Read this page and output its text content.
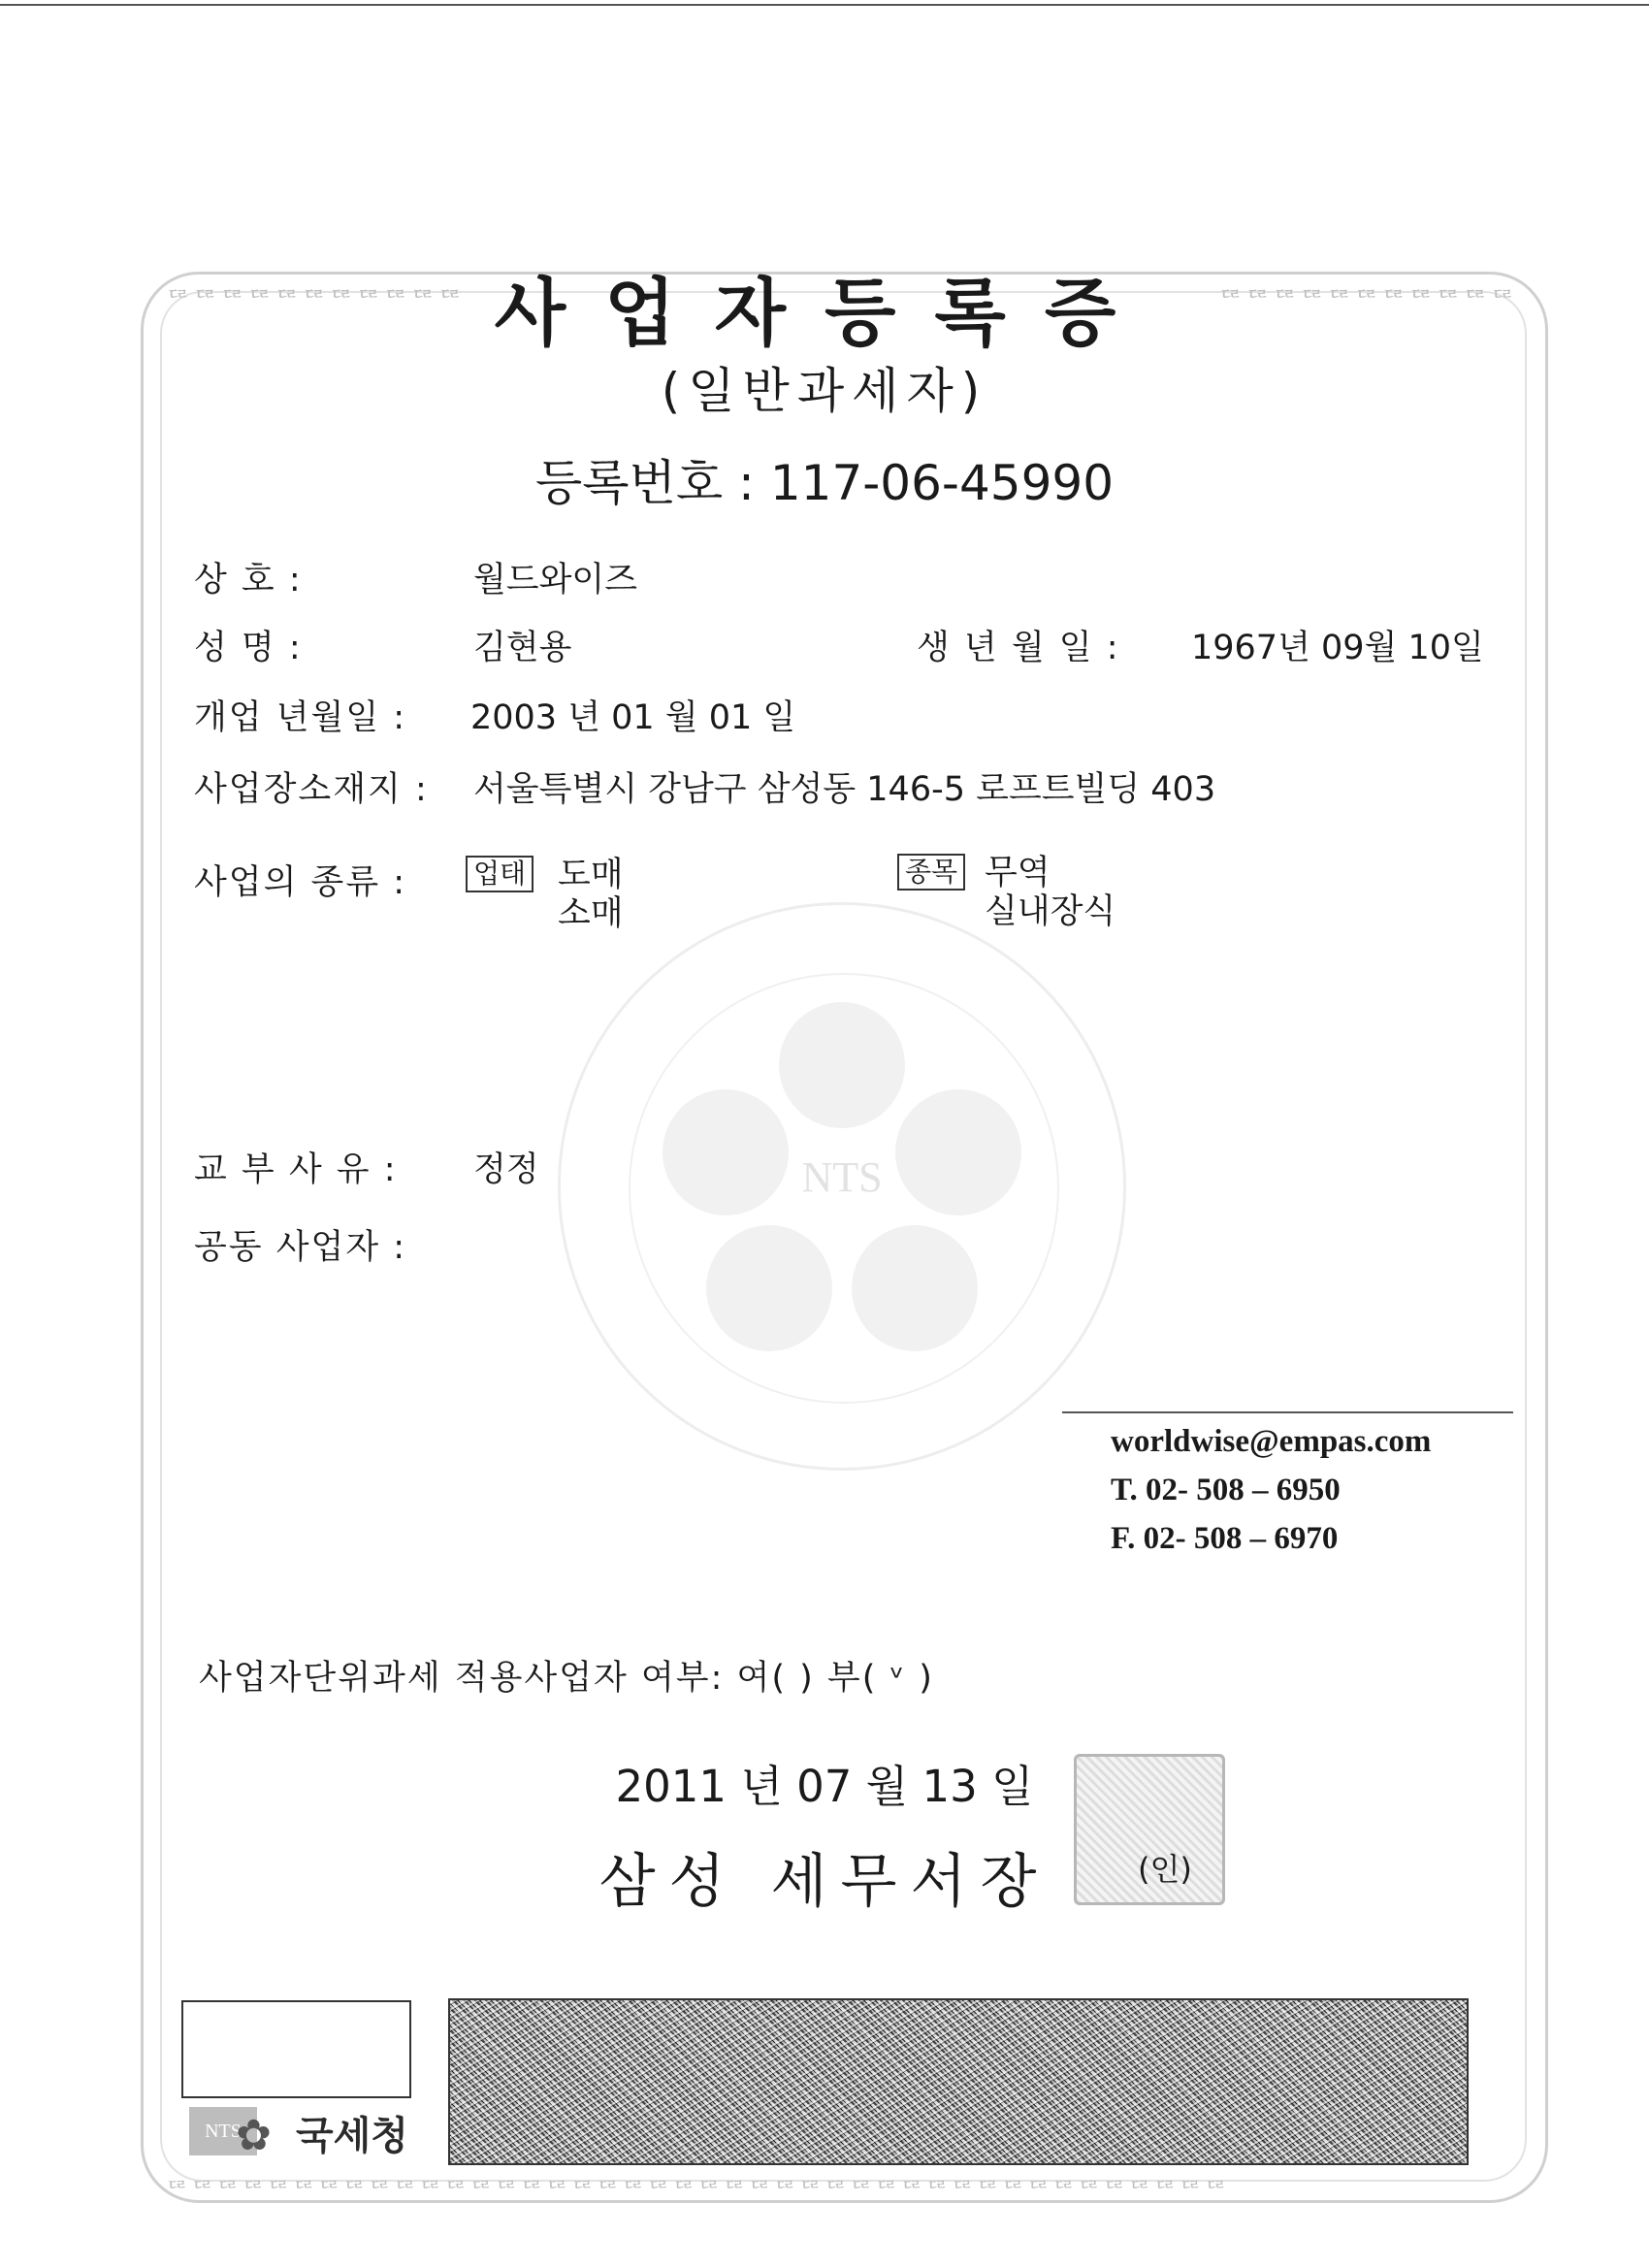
ᄃᄅᄃᄅᄃᄅᄃᄅᄃᄅᄃᄅᄃᄅᄃᄅᄃᄅᄃᄅᄃᄅ	ᄃᄅᄃᄅᄃᄅᄃᄅᄃᄅᄃᄅᄃᄅᄃᄅᄃᄅᄃᄅᄃᄅ
ᄃᄅᄃᄅᄃᄅᄃᄅᄃᄅᄃᄅᄃᄅᄃᄅᄃᄅᄃᄅᄃᄅᄃᄅᄃᄅᄃᄅᄃᄅᄃᄅᄃᄅᄃᄅᄃᄅᄃᄅᄃᄅᄃᄅᄃᄅᄃᄅᄃᄅᄃᄅᄃᄅᄃᄅᄃᄅᄃᄅᄃᄅᄃᄅᄃᄅᄃᄅᄃᄅᄃᄅᄃᄅᄃᄅᄃᄅᄃᄅᄃᄅᄃᄅ
NTS
사업자등록증
(일반과세자)
등록번호 : 117-06-45990
상 호 :	월드와이즈
성 명 :	김현용	생 년 월 일 : 1967년 09월 10일
개업 년월일 : 2003 년 01 월 01 일
사업장소재지 : 서울특별시 강남구 삼성동 146-5 로프트빌딩 403
사업의 종류 : 업태 도매
소매
종목 무역
실내장식
교 부 사 유 : 정정
공동 사업자 :
worldwise@empas.com
T. 02- 508 – 6950
F. 02- 508 – 6970
사업자단위과세 적용사업자 여부: 여( ) 부( ᵛ )
2011 년 07 월 13 일
삼성 세무서장	(인)
NTS
✿ 국세청
